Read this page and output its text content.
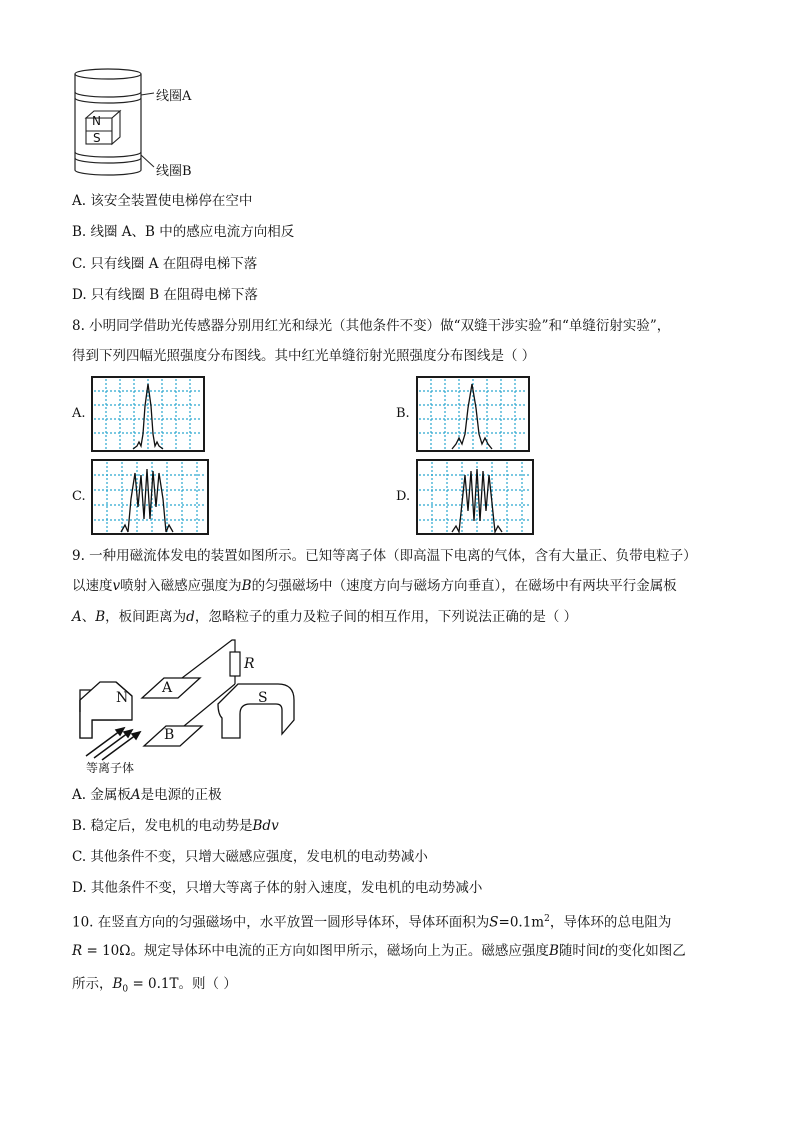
N
S
线圈A
线圈B
A. 该安全装置使电梯停在空中
B. 线圈 A、B 中的感应电流方向相反
C. 只有线圈 A 在阻碍电梯下落
D. 只有线圈 B 在阻碍电梯下落
8. 小明同学借助光传感器分别用红光和绿光（其他条件不变）做“双缝干涉实验”和“单缝衍射实验”，
得到下列四幅光照强度分布图线。其中红光单缝衍射光照强度分布图线是（ ）
A.	B.
C.	D.
9. 一种用磁流体发电的装置如图所示。已知等离子体（即高温下电离的气体，含有大量正、负带电粒子）
以速度v喷射入磁感应强度为B的匀强磁场中（速度方向与磁场方向垂直），在磁场中有两块平行金属板
A、B，板间距离为d，忽略粒子的重力及粒子间的相互作用，下列说法正确的是（ ）
N
A
B
S
R
等离子体
A. 金属板A是电源的正极
B. 稳定后，发电机的电动势是Bdv
C. 其他条件不变，只增大磁感应强度，发电机的电动势减小
D. 其他条件不变，只增大等离子体的射入速度，发电机的电动势减小
10. 在竖直方向的匀强磁场中，水平放置一圆形导体环，导体环面积为$S=0.1m^2$，导体环的总电阻为
R = 10Ω。规定导体环中电流的正方向如图甲所示，磁场向上为正。磁感应强度B随时间t的变化如图乙
所示，$B_0 = 0.1T$。则（ ）
